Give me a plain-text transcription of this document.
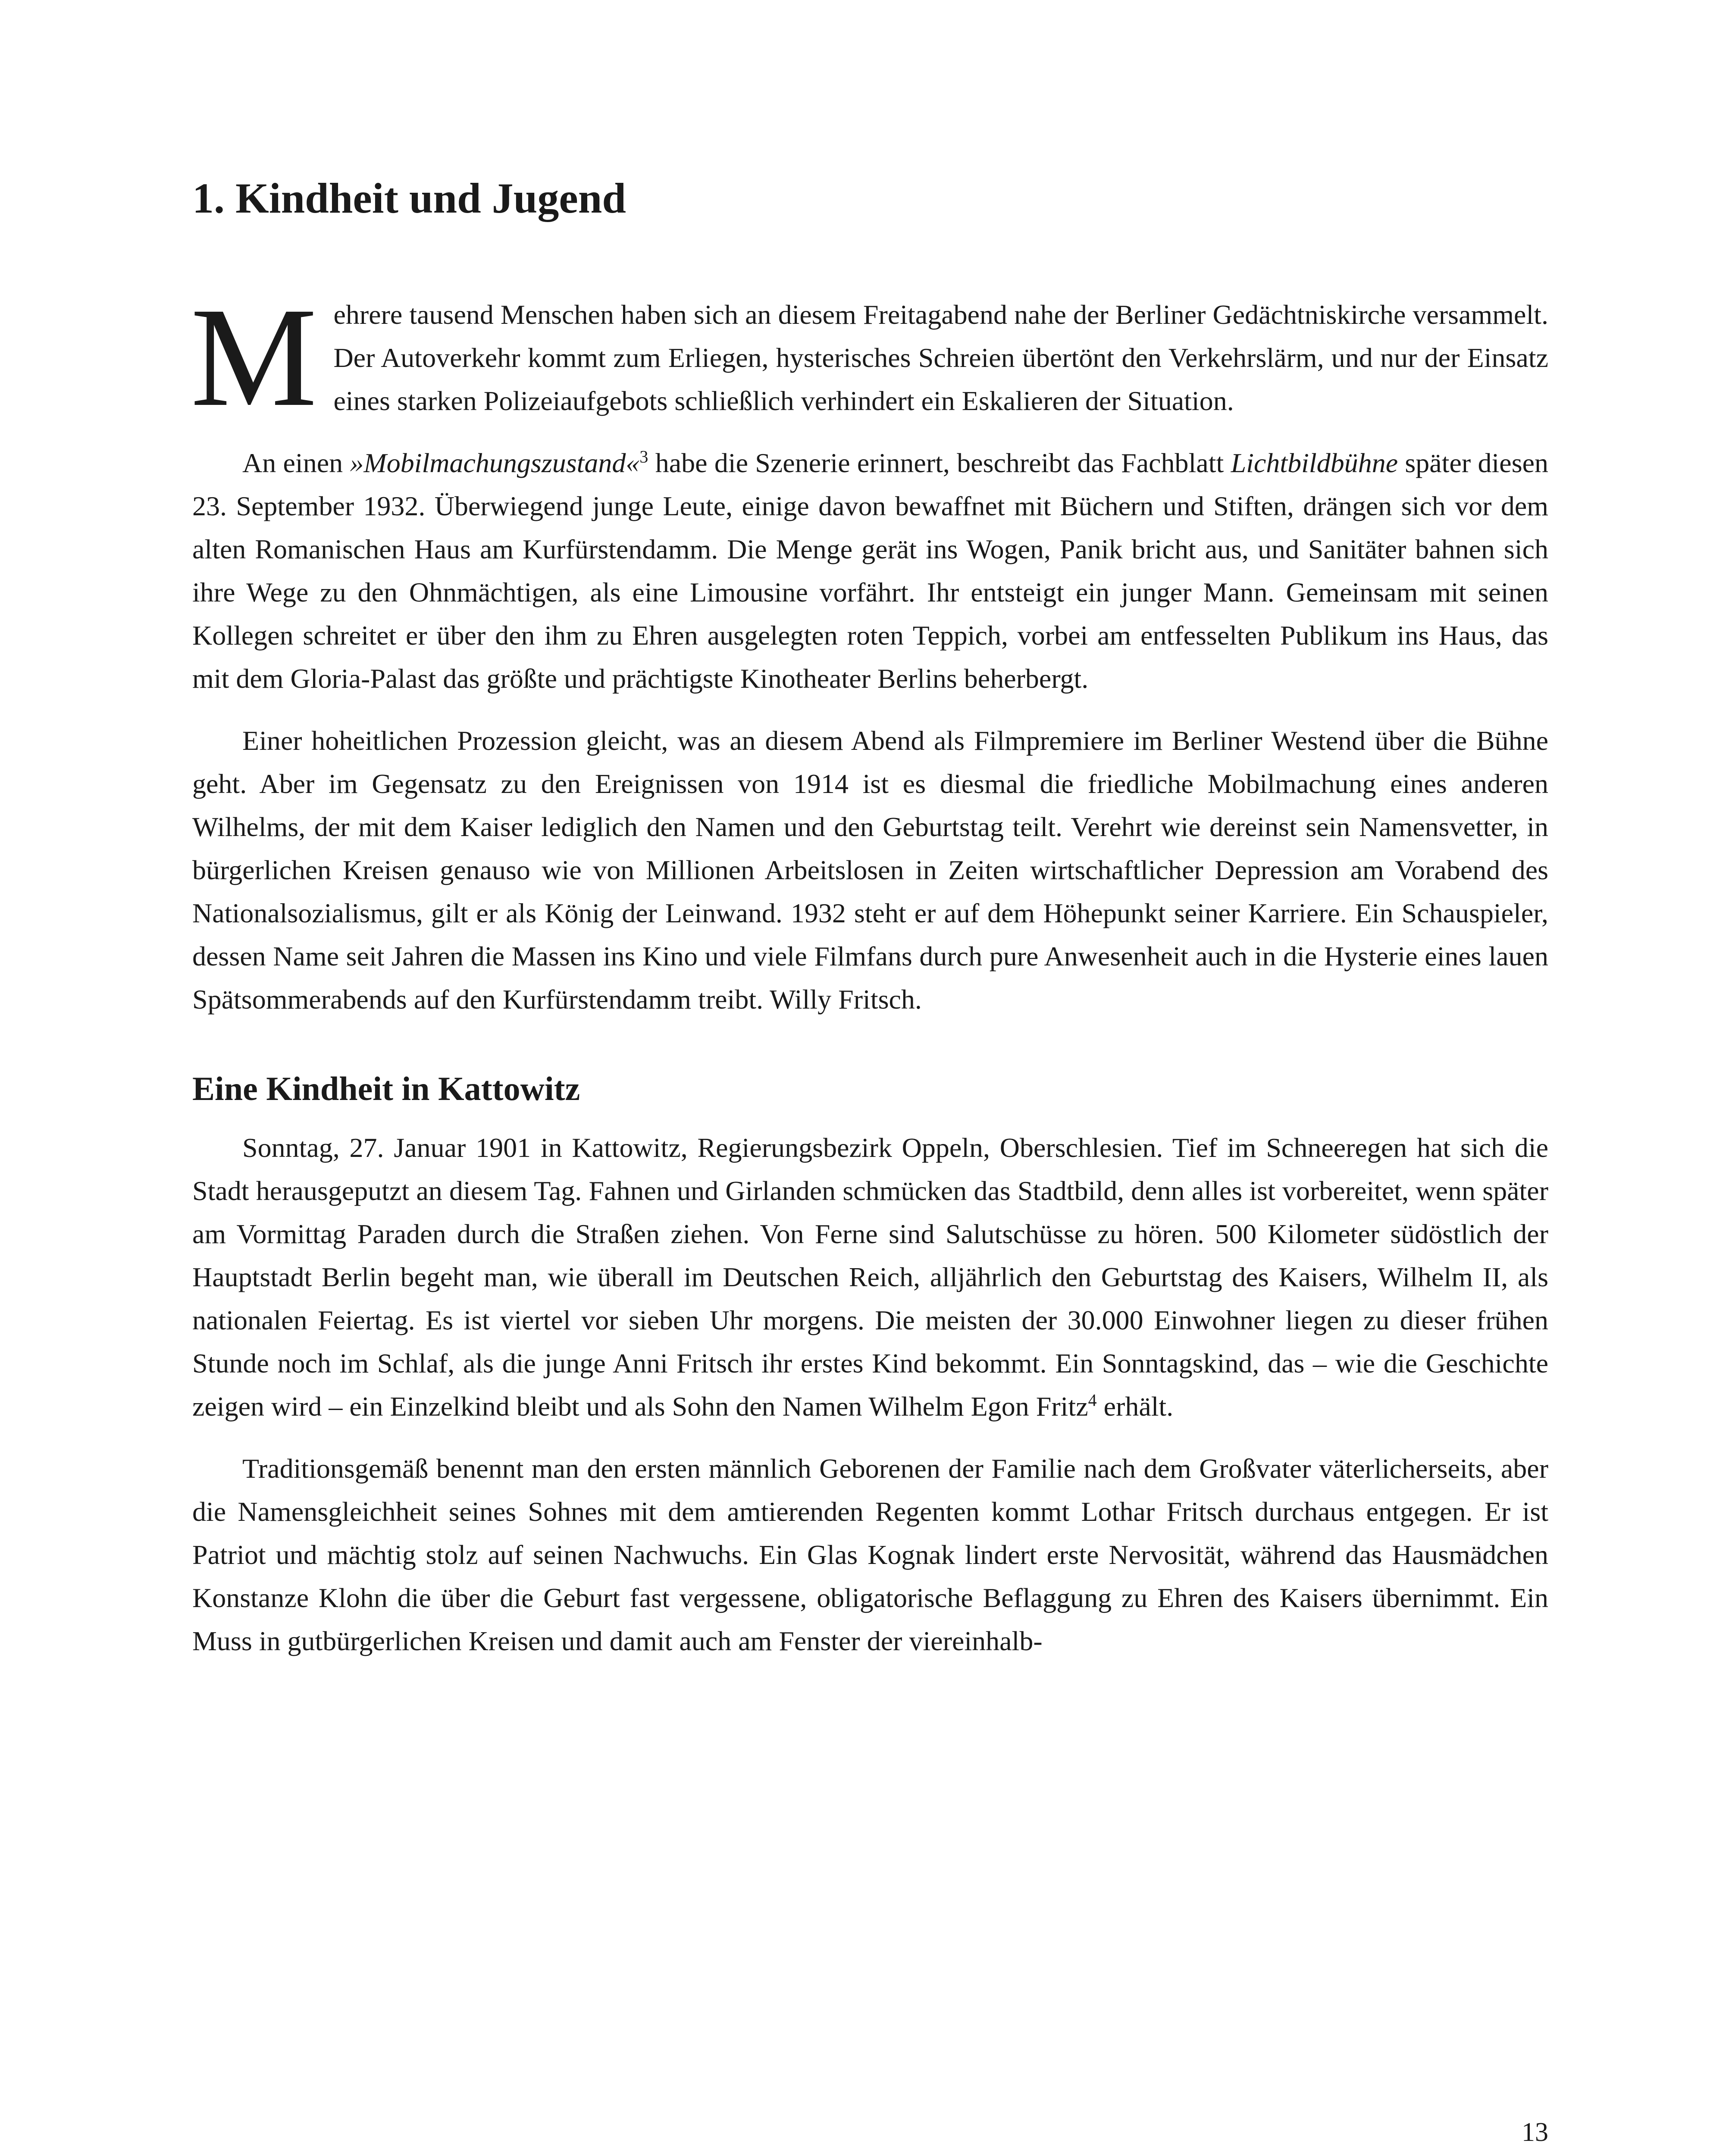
1. Kindheit und Jugend

Mehrere tausend Menschen haben sich an diesem Freitagabend nahe der Berliner Gedächtniskirche versammelt. Der Autoverkehr kommt zum Erliegen, hysterisches Schreien übertönt den Verkehrslärm, und nur der Einsatz eines starken Polizeiaufgebots schließlich verhindert ein Eskalieren der Situation.

An einen »Mobilmachungszustand«$^3$ habe die Szenerie erinnert, beschreibt das Fachblatt Lichtbildbühne später diesen 23. September 1932. Überwiegend junge Leute, einige davon bewaffnet mit Büchern und Stiften, drängen sich vor dem alten Romanischen Haus am Kurfürstendamm. Die Menge gerät ins Wogen, Panik bricht aus, und Sanitäter bahnen sich ihre Wege zu den Ohnmächtigen, als eine Limousine vorfährt. Ihr entsteigt ein junger Mann. Gemeinsam mit seinen Kollegen schreitet er über den ihm zu Ehren ausgelegten roten Teppich, vorbei am entfesselten Publikum ins Haus, das mit dem Gloria-Palast das größte und prächtigste Kinotheater Berlins beherbergt.

Einer hoheitlichen Prozession gleicht, was an diesem Abend als Filmpremiere im Berliner Westend über die Bühne geht. Aber im Gegensatz zu den Ereignissen von 1914 ist es diesmal die friedliche Mobilmachung eines anderen Wilhelms, der mit dem Kaiser lediglich den Namen und den Geburtstag teilt. Verehrt wie dereinst sein Namensvetter, in bürgerlichen Kreisen genauso wie von Millionen Arbeitslosen in Zeiten wirtschaftlicher Depression am Vorabend des Nationalsozialismus, gilt er als König der Leinwand. 1932 steht er auf dem Höhepunkt seiner Karriere. Ein Schauspieler, dessen Name seit Jahren die Massen ins Kino und viele Filmfans durch pure Anwesenheit auch in die Hysterie eines lauen Spätsommerabends auf den Kurfürstendamm treibt. Willy Fritsch.

Eine Kindheit in Kattowitz

Sonntag, 27. Januar 1901 in Kattowitz, Regierungsbezirk Oppeln, Oberschlesien. Tief im Schneeregen hat sich die Stadt herausgeputzt an diesem Tag. Fahnen und Girlanden schmücken das Stadtbild, denn alles ist vorbereitet, wenn später am Vormittag Paraden durch die Straßen ziehen. Von Ferne sind Salutschüsse zu hören. 500 Kilometer südöstlich der Hauptstadt Berlin begeht man, wie überall im Deutschen Reich, alljährlich den Geburtstag des Kaisers, Wilhelm II, als nationalen Feiertag. Es ist viertel vor sieben Uhr morgens. Die meisten der 30.000 Einwohner liegen zu dieser frühen Stunde noch im Schlaf, als die junge Anni Fritsch ihr erstes Kind bekommt. Ein Sonntagskind, das – wie die Geschichte zeigen wird – ein Einzelkind bleibt und als Sohn den Namen Wilhelm Egon Fritz$^4$ erhält.

Traditionsgemäß benennt man den ersten männlich Geborenen der Familie nach dem Großvater väterlicherseits, aber die Namensgleichheit seines Sohnes mit dem amtierenden Regenten kommt Lothar Fritsch durchaus entgegen. Er ist Patriot und mächtig stolz auf seinen Nachwuchs. Ein Glas Kognak lindert erste Nervosität, während das Hausmädchen Konstanze Klohn die über die Geburt fast vergessene, obligatorische Beflaggung zu Ehren des Kaisers übernimmt. Ein Muss in gutbürgerlichen Kreisen und damit auch am Fenster der viereinhalb-

13
